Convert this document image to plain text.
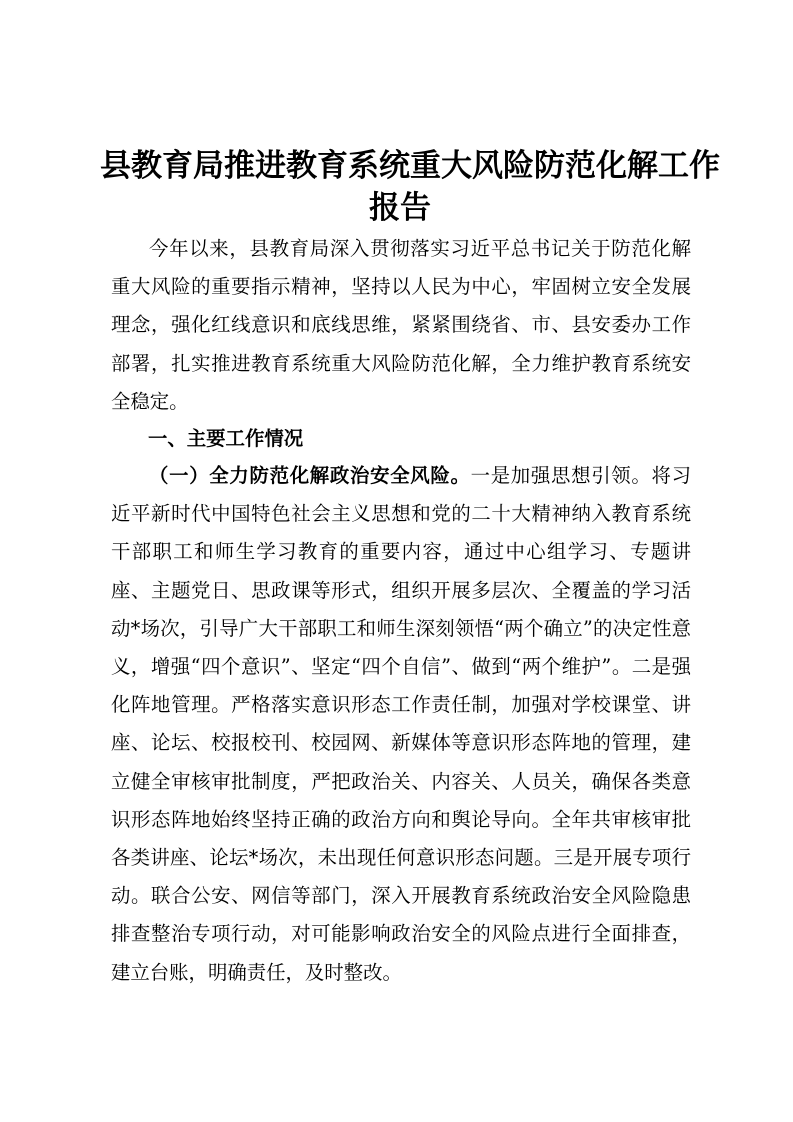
县教育局推进教育系统重大风险防范化解工作
报告
今年以来，县教育局深入贯彻落实习近平总书记关于防范化解重大风险的重要指示精神，坚持以人民为中心，牢固树立安全发展理念，强化红线意识和底线思维，紧紧围绕省、市、县安委办工作部署，扎实推进教育系统重大风险防范化解，全力维护教育系统安全稳定。
一、主要工作情况
（一）全力防范化解政治安全风险。一是加强思想引领。将习近平新时代中国特色社会主义思想和党的二十大精神纳入教育系统干部职工和师生学习教育的重要内容，通过中心组学习、专题讲座、主题党日、思政课等形式，组织开展多层次、全覆盖的学习活动*场次，引导广大干部职工和师生深刻领悟“两个确立”的决定性意义，增强“四个意识”、坚定“四个自信”、做到“两个维护”。二是强化阵地管理。严格落实意识形态工作责任制，加强对学校课堂、讲座、论坛、校报校刊、校园网、新媒体等意识形态阵地的管理，建立健全审核审批制度，严把政治关、内容关、人员关，确保各类意识形态阵地始终坚持正确的政治方向和舆论导向。全年共审核审批各类讲座、论坛*场次，未出现任何意识形态问题。三是开展专项行动。联合公安、网信等部门，深入开展教育系统政治安全风险隐患排查整治专项行动，对可能影响政治安全的风险点进行全面排查，建立台账，明确责任，及时整改。
